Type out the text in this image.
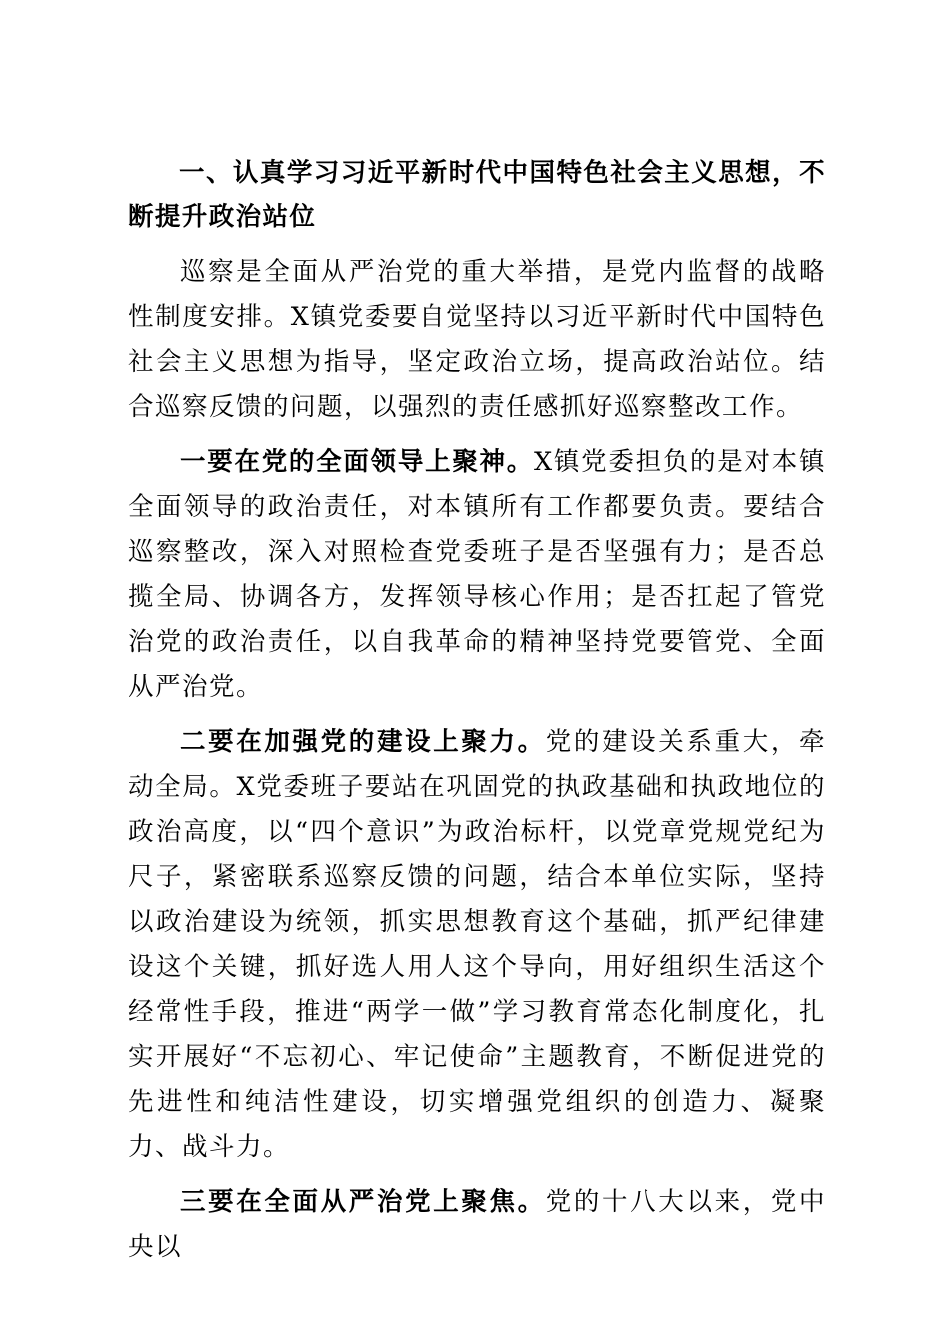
一、认真学习习近平新时代中国特色社会主义思想，不断提升政治站位

巡察是全面从严治党的重大举措，是党内监督的战略性制度安排。X镇党委要自觉坚持以习近平新时代中国特色社会主义思想为指导，坚定政治立场，提高政治站位。结合巡察反馈的问题，以强烈的责任感抓好巡察整改工作。

一要在党的全面领导上聚神。X镇党委担负的是对本镇全面领导的政治责任，对本镇所有工作都要负责。要结合巡察整改，深入对照检查党委班子是否坚强有力；是否总揽全局、协调各方，发挥领导核心作用；是否扛起了管党治党的政治责任，以自我革命的精神坚持党要管党、全面从严治党。

二要在加强党的建设上聚力。党的建设关系重大，牵动全局。X党委班子要站在巩固党的执政基础和执政地位的政治高度，以“四个意识”为政治标杆，以党章党规党纪为尺子，紧密联系巡察反馈的问题，结合本单位实际，坚持以政治建设为统领，抓实思想教育这个基础，抓严纪律建设这个关键，抓好选人用人这个导向，用好组织生活这个经常性手段，推进“两学一做”学习教育常态化制度化，扎实开展好“不忘初心、牢记使命”主题教育，不断促进党的先进性和纯洁性建设，切实增强党组织的创造力、凝聚力、战斗力。

三要在全面从严治党上聚焦。党的十八大以来，党中央以
